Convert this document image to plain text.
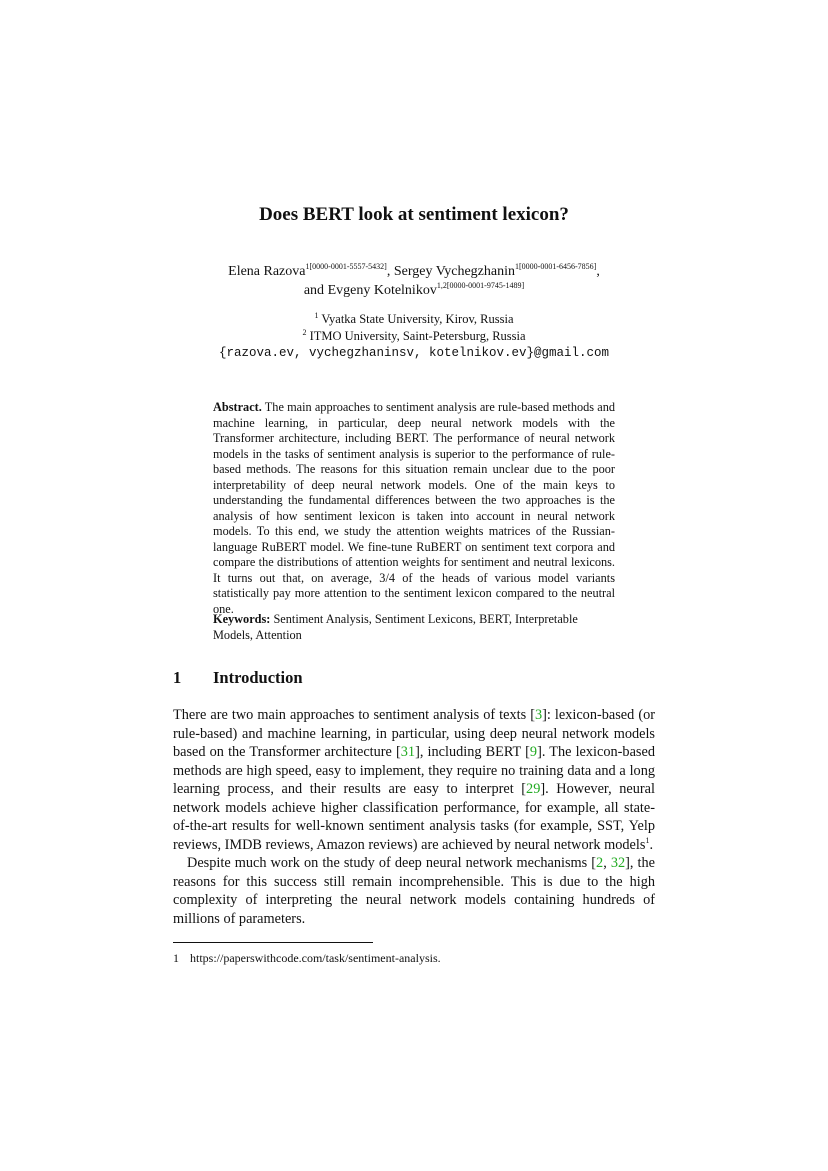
Does BERT look at sentiment lexicon?
Elena Razova$^{1[0000-0001-5557-5432]}$, Sergey Vychegzhanin$^{1[0000-0001-6456-7856]}$,
and Evgeny Kotelnikov$^{1,2[0000-0001-9745-1489]}$
$^1$ Vyatka State University, Kirov, Russia
$^2$ ITMO University, Saint-Petersburg, Russia
{razova.ev, vychegzhaninsv, kotelnikov.ev}@gmail.com
Abstract. The main approaches to sentiment analysis are rule-based methods and machine learning, in particular, deep neural network models with the Transformer architecture, including BERT. The performance of neural network models in the tasks of sentiment analysis is superior to the performance of rule-based methods. The reasons for this situation remain unclear due to the poor interpretability of deep neural network models. One of the main keys to understanding the fundamental differences between the two approaches is the analysis of how sentiment lexicon is taken into account in neural network models. To this end, we study the attention weights matrices of the Russian-language RuBERT model. We fine-tune RuBERT on sentiment text corpora and compare the distributions of attention weights for sentiment and neutral lexicons. It turns out that, on average, 3/4 of the heads of various model variants statistically pay more attention to the sentiment lexicon compared to the neutral one.
Keywords: Sentiment Analysis, Sentiment Lexicons, BERT, Interpretable Models, Attention
1 Introduction

There are two main approaches to sentiment analysis of texts [3]: lexicon-based (or rule-based) and machine learning, in particular, using deep neural network models based on the Transformer architecture [31], including BERT [9]. The lexicon-based methods are high speed, easy to implement, they require no training data and a long learning process, and their results are easy to interpret [29]. However, neural network models achieve higher classification performance, for example, all state-of-the-art results for well-known sentiment analysis tasks (for example, SST, Yelp reviews, IMDB reviews, Amazon reviews) are achieved by neural network models$^1$.

Despite much work on the study of deep neural network mechanisms [2, 32], the reasons for this success still remain incomprehensible. This is due to the high complexity of interpreting the neural network models containing hundreds of millions of parameters.

1 https://paperswithcode.com/task/sentiment-analysis.
